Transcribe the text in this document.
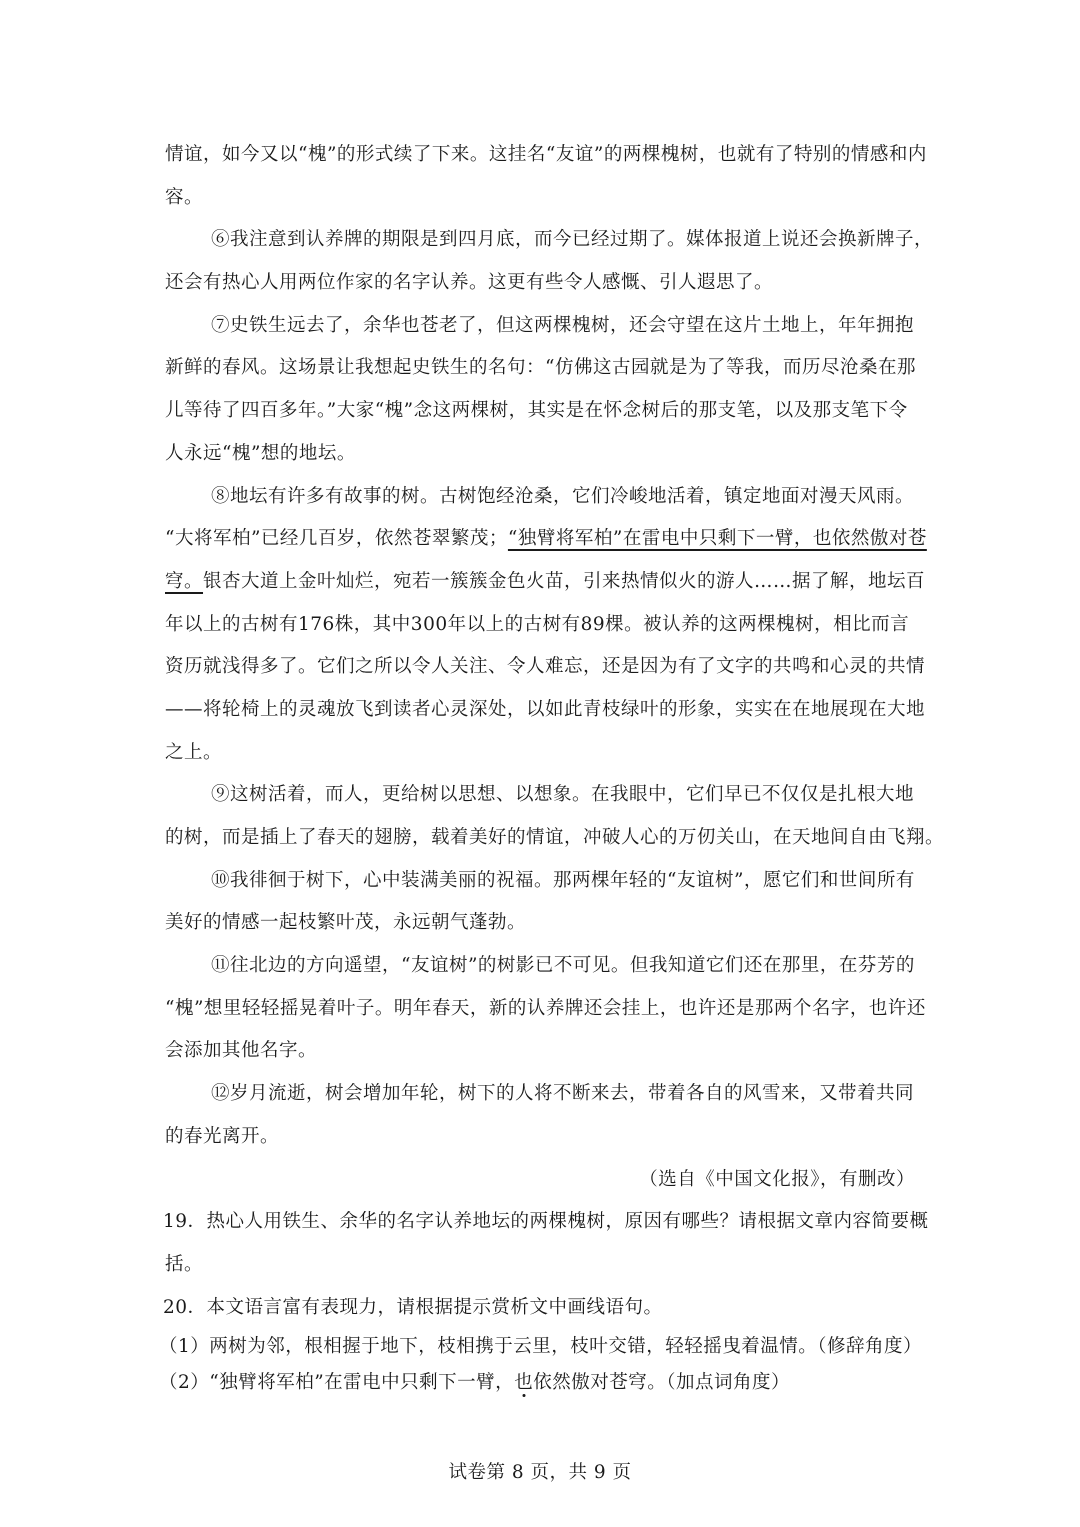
情谊，如今又以“槐”的形式续了下来。这挂名“友谊”的两棵槐树，也就有了特别的情感和内
容。
⑥我注意到认养牌的期限是到四月底，而今已经过期了。媒体报道上说还会换新牌子，
还会有热心人用两位作家的名字认养。这更有些令人感慨、引人遐思了。
⑦史铁生远去了，余华也苍老了，但这两棵槐树，还会守望在这片土地上，年年拥抱
新鲜的春风。这场景让我想起史铁生的名句：“仿佛这古园就是为了等我，而历尽沧桑在那
儿等待了四百多年。”大家“槐”念这两棵树，其实是在怀念树后的那支笔，以及那支笔下令
人永远“槐”想的地坛。
⑧地坛有许多有故事的树。古树饱经沧桑，它们冷峻地活着，镇定地面对漫天风雨。
“大将军柏”已经几百岁，依然苍翠繁茂；“独臂将军柏”在雷电中只剩下一臂，也依然傲对苍
穹。银杏大道上金叶灿烂，宛若一簇簇金色火苗，引来热情似火的游人……据了解，地坛百
年以上的古树有176株，其中300年以上的古树有89棵。被认养的这两棵槐树，相比而言
资历就浅得多了。它们之所以令人关注、令人难忘，还是因为有了文字的共鸣和心灵的共情
——将轮椅上的灵魂放飞到读者心灵深处，以如此青枝绿叶的形象，实实在在地展现在大地
之上。
⑨这树活着，而人，更给树以思想、以想象。在我眼中，它们早已不仅仅是扎根大地
的树，而是插上了春天的翅膀，载着美好的情谊，冲破人心的万仞关山，在天地间自由飞翔。
⑩我徘徊于树下，心中装满美丽的祝福。那两棵年轻的“友谊树”，愿它们和世间所有
美好的情感一起枝繁叶茂，永远朝气蓬勃。
⑪往北边的方向遥望，“友谊树”的树影已不可见。但我知道它们还在那里，在芬芳的
“槐”想里轻轻摇晃着叶子。明年春天，新的认养牌还会挂上，也许还是那两个名字，也许还
会添加其他名字。
⑫岁月流逝，树会增加年轮，树下的人将不断来去，带着各自的风雪来，又带着共同
的春光离开。
（选自《中国文化报》，有删改）
19．热心人用铁生、余华的名字认养地坛的两棵槐树，原因有哪些？请根据文章内容简要概
括。
20．本文语言富有表现力，请根据提示赏析文中画线语句。
（1）两树为邻，根相握于地下，枝相携于云里，枝叶交错，轻轻摇曳着温情。（修辞角度）
（2）“独臂将军柏”在雷电中只剩下一臂，也依然傲对苍穹。（加点词角度）
试卷第 8 页，共 9 页
